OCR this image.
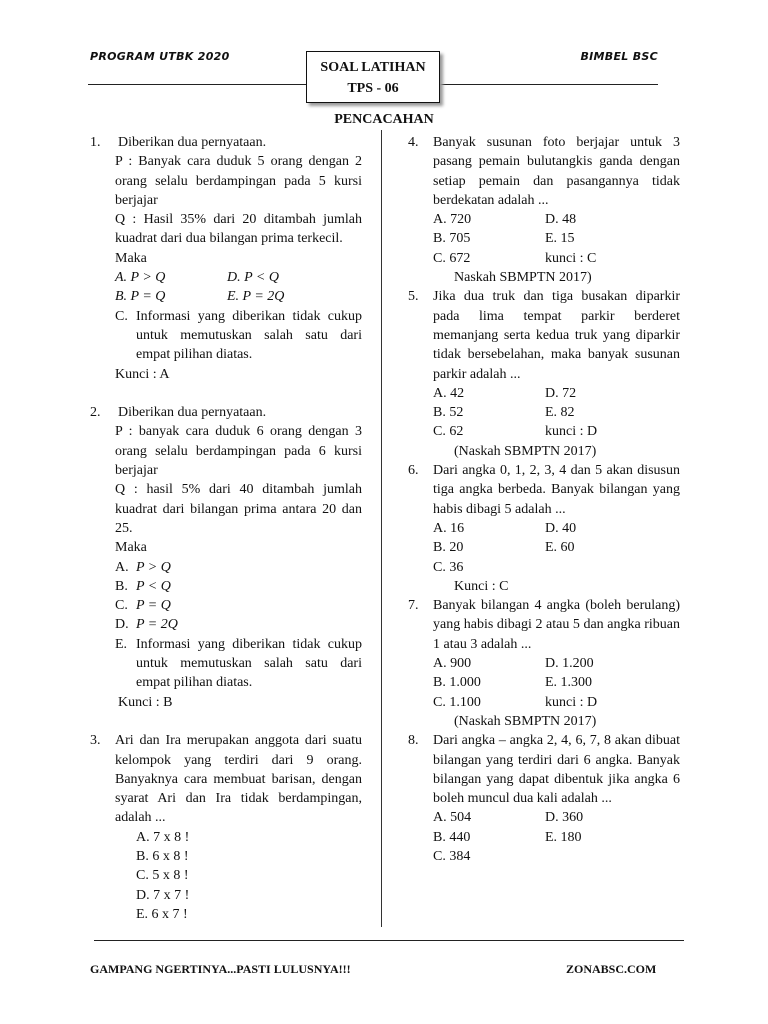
PROGRAM UTBK 2020	BIMBEL BSC
SOAL LATIHAN
TPS - 06
PENCACAHAN
1. Diberikan dua pernyataan.
P : Banyak cara duduk 5 orang dengan 2 orang selalu berdampingan pada 5 kursi berjajar
Q : Hasil 35% dari 20 ditambah jumlah kuadrat dari dua bilangan prima terkecil.
Maka
A. P > Q	D. P < Q
B. P = Q	E. P = 2Q
C. Informasi yang diberikan tidak cukup untuk memutuskan salah satu dari empat pilihan diatas.
Kunci : A
2. Diberikan dua pernyataan.
P : banyak cara duduk 6 orang dengan 3 orang selalu berdampingan pada 6 kursi berjajar
Q : hasil 5% dari 40 ditambah jumlah kuadrat dari bilangan prima antara 20 dan 25.
Maka
A. P > Q
B. P < Q
C. P = Q
D. P = 2Q
E. Informasi yang diberikan tidak cukup untuk memutuskan salah satu dari empat pilihan diatas.
Kunci : B
3. Ari dan Ira merupakan anggota dari suatu kelompok yang terdiri dari 9 orang. Banyaknya cara membuat barisan, dengan syarat Ari dan Ira tidak berdampingan, adalah ...
A. 7 x 8 !
B. 6 x 8 !
C. 5 x 8 !
D. 7 x 7 !
E. 6 x 7 !
4. Banyak susunan foto berjajar untuk 3 pasang pemain bulutangkis ganda dengan setiap pemain dan pasangannya tidak berdekatan adalah ...
A. 720	D. 48
B. 705	E. 15
C. 672	kunci : C
Naskah SBMPTN 2017)
5. Jika dua truk dan tiga busakan diparkir pada lima tempat parkir berderet memanjang serta kedua truk yang diparkir tidak bersebelahan, maka banyak susunan parkir adalah ...
A. 42	D. 72
B. 52	E. 82
C. 62	kunci : D
(Naskah SBMPTN 2017)
6. Dari angka 0, 1, 2, 3, 4 dan 5 akan disusun tiga angka berbeda. Banyak bilangan yang habis dibagi 5 adalah ...
A. 16	D. 40
B. 20	E. 60
C. 36
Kunci : C
7. Banyak bilangan 4 angka (boleh berulang) yang habis dibagi 2 atau 5 dan angka ribuan 1 atau 3 adalah ...
A. 900	D. 1.200
B. 1.000	E. 1.300
C. 1.100	kunci : D
(Naskah SBMPTN 2017)
8. Dari angka – angka 2, 4, 6, 7, 8 akan dibuat bilangan yang terdiri dari 6 angka. Banyak bilangan yang dapat dibentuk jika angka 6 boleh muncul dua kali adalah ...
A. 504	D. 360
B. 440	E. 180
C. 384
GAMPANG NGERTINYA...PASTI LULUSNYA!!!	ZONABSC.COM
